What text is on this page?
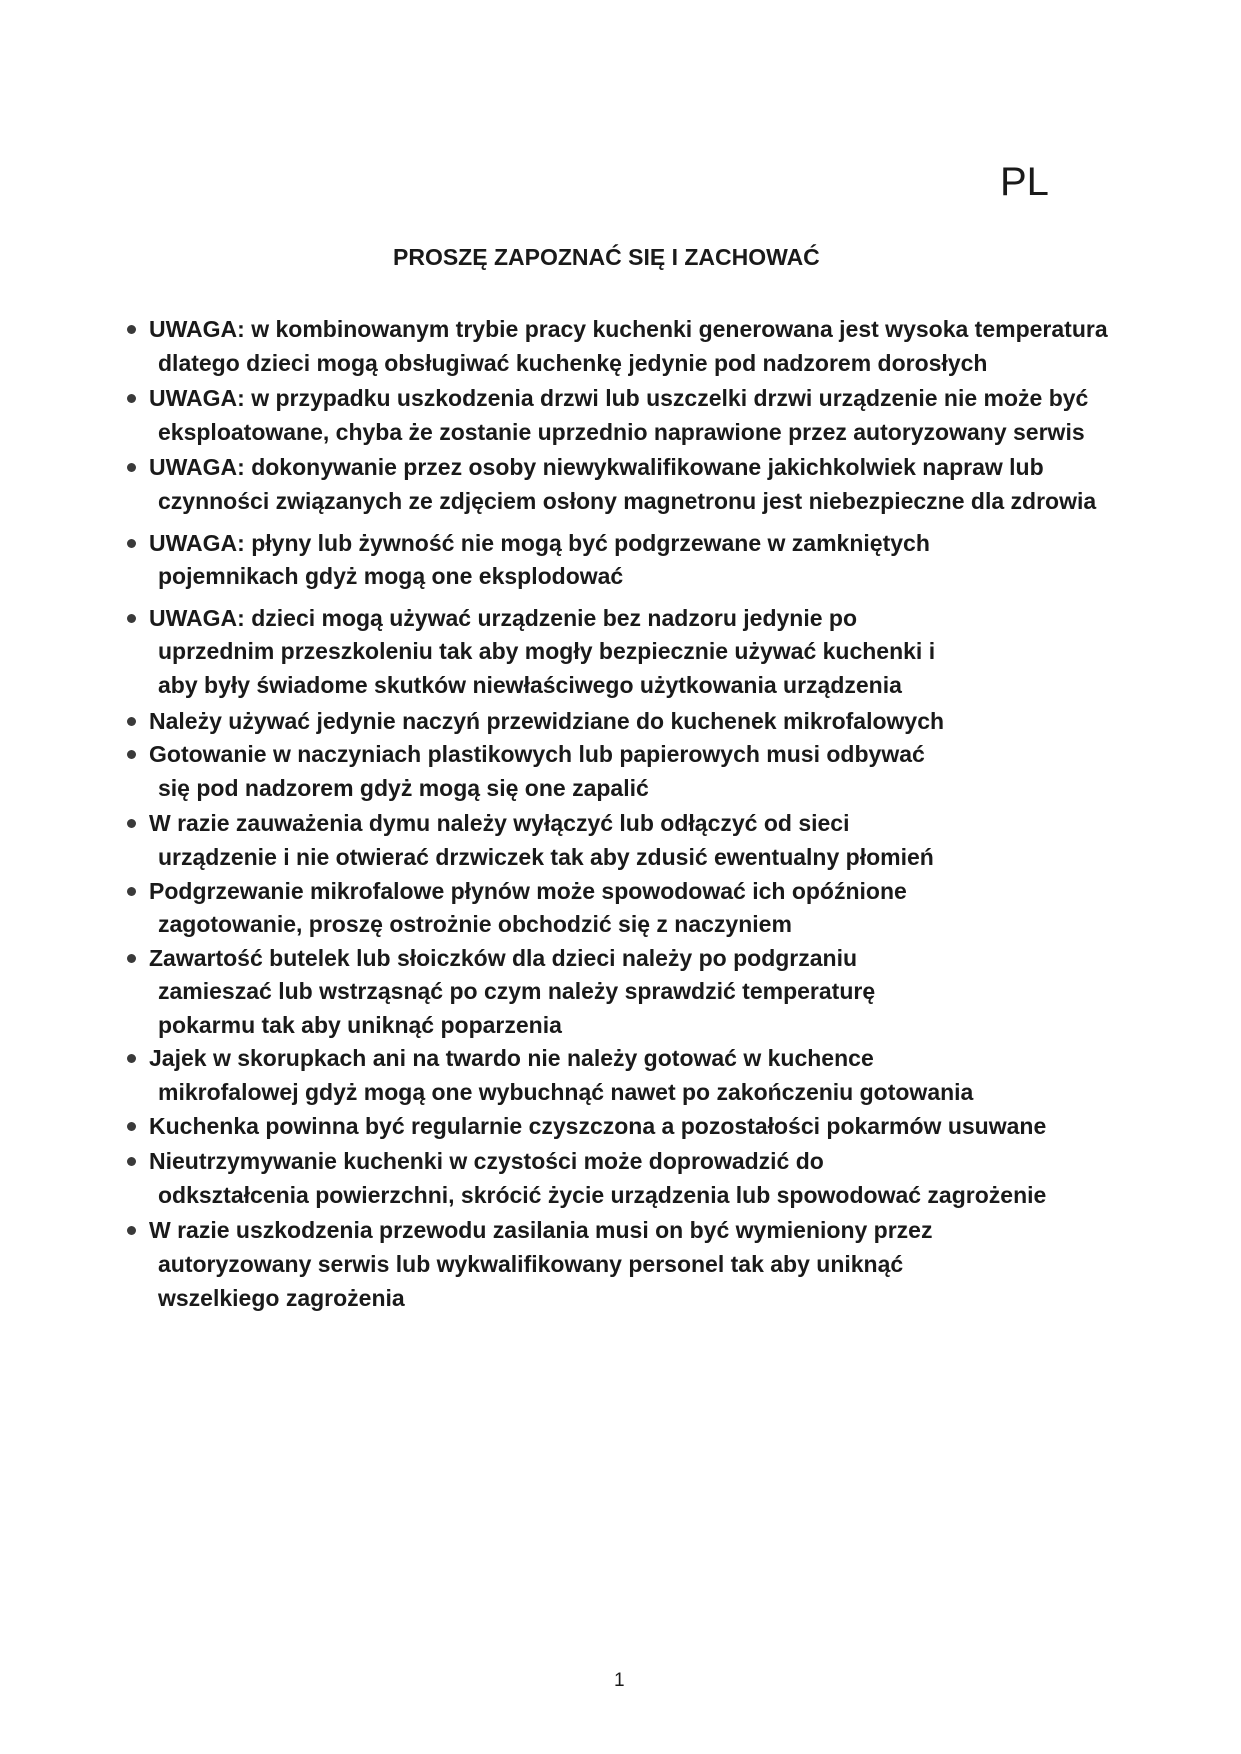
PL
PROSZĘ ZAPOZNAĆ SIĘ I ZACHOWAĆ
UWAGA: w kombinowanym trybie pracy kuchenki generowana jest wysoka temperatura
dlatego dzieci mogą obsługiwać kuchenkę jedynie pod nadzorem dorosłych
UWAGA: w przypadku uszkodzenia drzwi lub uszczelki drzwi urządzenie nie może być
eksploatowane, chyba że zostanie uprzednio naprawione przez autoryzowany serwis
UWAGA: dokonywanie przez osoby niewykwalifikowane jakichkolwiek napraw lub
czynności związanych ze zdjęciem osłony magnetronu jest niebezpieczne dla zdrowia
UWAGA: płyny lub żywność nie mogą być podgrzewane w zamkniętych
pojemnikach gdyż mogą one eksplodować
UWAGA: dzieci mogą używać urządzenie bez nadzoru jedynie po
uprzednim przeszkoleniu tak aby mogły bezpiecznie używać kuchenki i
aby były świadome skutków niewłaściwego użytkowania urządzenia
Należy używać jedynie naczyń przewidziane do kuchenek mikrofalowych
Gotowanie w naczyniach plastikowych lub papierowych musi odbywać
się pod nadzorem gdyż mogą się one zapalić
W razie zauważenia dymu należy wyłączyć lub odłączyć od sieci
urządzenie i nie otwierać drzwiczek tak aby zdusić ewentualny płomień
Podgrzewanie mikrofalowe płynów może spowodować ich opóźnione
zagotowanie, proszę ostrożnie obchodzić się z naczyniem
Zawartość butelek lub słoiczków dla dzieci należy po podgrzaniu
zamieszać lub wstrząsnąć po czym należy sprawdzić temperaturę
pokarmu tak aby uniknąć poparzenia
Jajek w skorupkach ani na twardo nie należy gotować w kuchence
mikrofalowej gdyż mogą one wybuchnąć nawet po zakończeniu gotowania
Kuchenka powinna być regularnie czyszczona a pozostałości pokarmów usuwane
Nieutrzymywanie kuchenki w czystości może doprowadzić do
odkształcenia powierzchni, skrócić życie urządzenia lub spowodować zagrożenie
W razie uszkodzenia przewodu zasilania musi on być wymieniony przez
autoryzowany serwis lub wykwalifikowany personel tak aby uniknąć
wszelkiego zagrożenia
1
